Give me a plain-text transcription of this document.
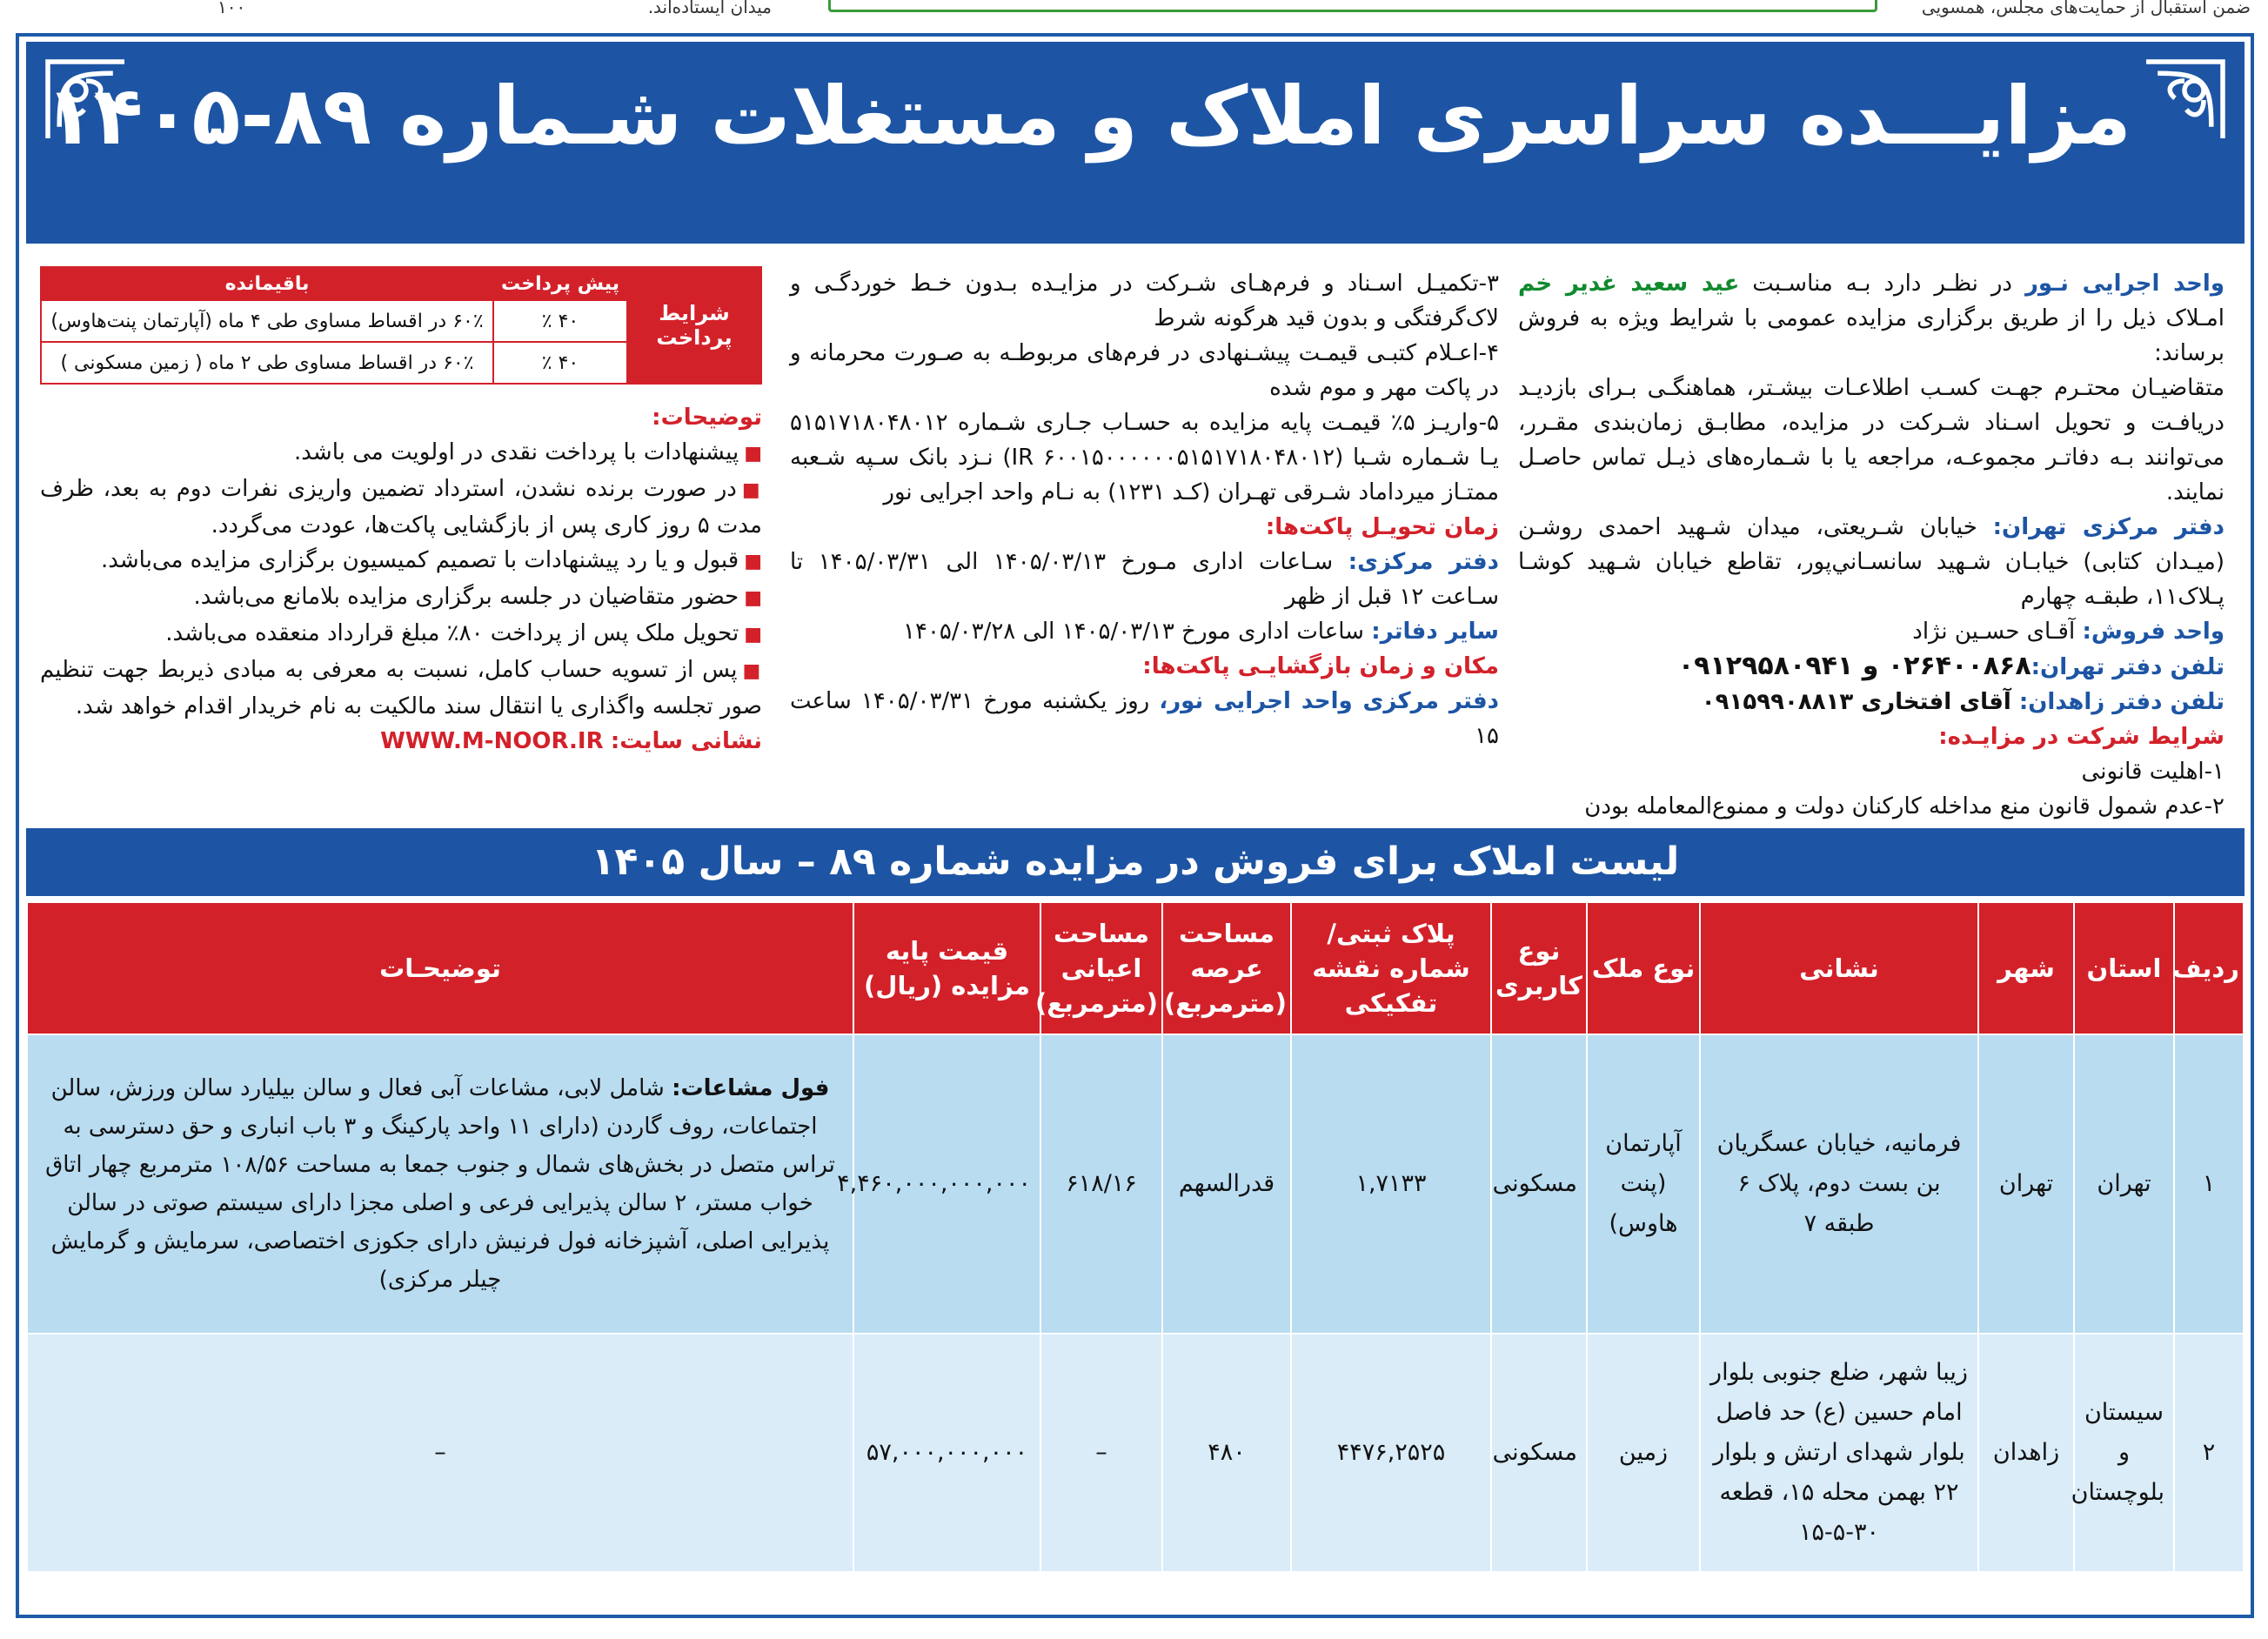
ضمن استقبال از حمایت‌های مجلس، همسویی
میدان ایستاده‌اند.
۱۰۰
مزایـــده سراسری املاک و مستغلات شـماره ۸۹-۱۴۰۵

واحد اجرایی نـور در نظـر دارد بـه مناسـبت عید سعید غدیر خم امـلاک ذیل را از طریق برگزاری مزایده عمومی با شرایط ویژه به فروش برساند:

متقاضیـان محتـرم جهـت کسـب اطلاعـات بیشـتر، هماهنگـی بـرای بازدیـد دریافـت و تحویل اسـناد شـرکت در مزایده، مطابـق زمان‌بندی مقـرر، می‌توانند بـه دفاتـر مجموعـه، مراجعه یا با شـماره‌های ذیـل تماس حاصـل نمایند.

دفتر مرکزی تهران: خیابان شـریعتی، میدان شـهید احمدی روشـن (میـدان کتابی) خیابـان شـهید سانسـاني‌پور، تقاطع خیابان شـهید کوشـا پـلاک۱۱، طبقـه چهارم

واحد فروش: آقـای حسـین نژاد

تلفن دفتر تهران:۰۲۶۴۰۰۸۶۸ و ۰۹۱۲۹۵۸۰۹۴۱

تلفن دفتر زاهدان: آقای افتخاری ۰۹۱۵۹۹۰۸۸۱۳

شرایط شرکت در مزایـده:

۱-اهلیت قانونی

۲-عدم شمول قانون منع مداخله کارکنان دولت و ممنوع‌المعامله بودن

۳-تکمیـل اسـناد و فرم‌هـای شـرکت در مزایـده بـدون خـط خوردگـی و لاک‌گرفتگی و بدون قید هرگونه شرط

۴-اعـلام کتبـی قیمـت پیشـنهادی در فرم‌های مربوطـه به صـورت محرمانه و در پاکت مهر و موم شده

۵-واریـز ۵٪ قیمـت پایه مزایده به حسـاب جـاری شـماره ۵۱۵۱۷۱۸۰۴۸۰۱۲ یـا شـماره شـبا (۶۰۰۱۵۰۰۰۰۰۰۵۱۵۱۷۱۸۰۴۸۰۱۲ IR) نـزد بانک سـپه شـعبه ممتـاز میرداماد شـرقی تهـران (کـد ۱۲۳۱) به نـام واحد اجرایی نور

زمان تحویـل پاکت‌ها:

دفتر مرکزی: سـاعات اداری مـورخ ۱۴۰۵/۰۳/۱۳ الی ۱۴۰۵/۰۳/۳۱ تا سـاعت ۱۲ قبل از ظهر

سایر دفاتر: ساعات اداری مورخ ۱۴۰۵/۰۳/۱۳ الی ۱۴۰۵/۰۳/۲۸

مکان و زمان بازگشایـی پاکت‌ها:

دفتر مرکزی واحد اجرایی نور، روز یکشنبه مورخ ۱۴۰۵/۰۳/۳۱ ساعت ۱۵

شرایط پرداخت	پیش پرداخت	باقیمانده
	۴۰ ٪	۶۰٪ در اقساط مساوی طی ۴ ماه (آپارتمان پنت‌هاوس)
	۴۰ ٪	۶۰٪ در اقساط مساوی طی ۲ ماه ( زمین مسکونی )

توضیحات:

■پیشنهادات با پرداخت نقدی در اولویت می باشد.

■در صورت برنده نشدن، استرداد تضمین واریزی نفرات دوم به بعد، ظرف مدت ۵ روز کاری پس از بازگشایی پاکت‌ها، عودت می‌گردد.

■قبول و یا رد پیشنهادات با تصمیم کمیسیون برگزاری مزایده می‌باشد.

■حضور متقاضیان در جلسه برگزاری مزایده بلامانع می‌باشد.

■تحویل ملک پس از پرداخت ۸۰٪ مبلغ قرارداد منعقده می‌باشد.

■پس از تسویه حساب کامل، نسبت به معرفی به مبادی ذیربط جهت تنظیم صور تجلسه واگذاری یا انتقال سند مالکیت به نام خریدار اقدام خواهد شد.

نشانی سایت: WWW.M-NOOR.IR

لیست املاک برای فروش در مزایده شماره ۸۹ – سال ۱۴۰۵
ردیف	استان	شهر	نشانی	نوع ملک	نوع کاربری	پلاک ثبتی/ شماره نقشه تفکیکی	مساحت عرصه (مترمربع)	مساحت اعیانی (مترمربع)	قیمت پایه مزایده (ریال)	توضیحـات
۱	تهران	تهران	فرمانیه، خیابان عسگریان بن بست دوم، پلاک ۶ طبقه ۷	آپارتمان (پنت هاوس)	مسکونی	۱,۷۱۳۳	قدرالسهم	۶۱۸/۱۶	۴,۴۶۰,۰۰۰,۰۰۰,۰۰۰	فول مشاعات: شامل لابی، مشاعات آبی فعال و سالن بیلیارد سالن ورزش، سالن اجتماعات، روف گاردن (دارای ۱۱ واحد پارکینگ و ۳ باب انباری و حق دسترسی به تراس متصل در بخش‌های شمال و جنوب جمعا به مساحت ۱۰۸/۵۶ مترمربع چهار اتاق خواب مستر، ۲ سالن پذیرایی فرعی و اصلی مجزا دارای سیستم صوتی در سالن پذیرایی اصلی، آشپزخانه فول فرنیش دارای جکوزی اختصاصی، سرمایش و گرمایش چیلر مرکزی)
۲	سیستان و بلوچستان	زاهدان	زیبا شهر، ضلع جنوبی بلوار امام حسین (ع) حد فاصل بلوار شهدای ارتش و بلوار ۲۲ بهمن محله ۱۵، قطعه ۳۰-۵-۱۵	زمین	مسکونی	۴۴۷۶,۲۵۲۵	۴۸۰	–	۵۷,۰۰۰,۰۰۰,۰۰۰	–
